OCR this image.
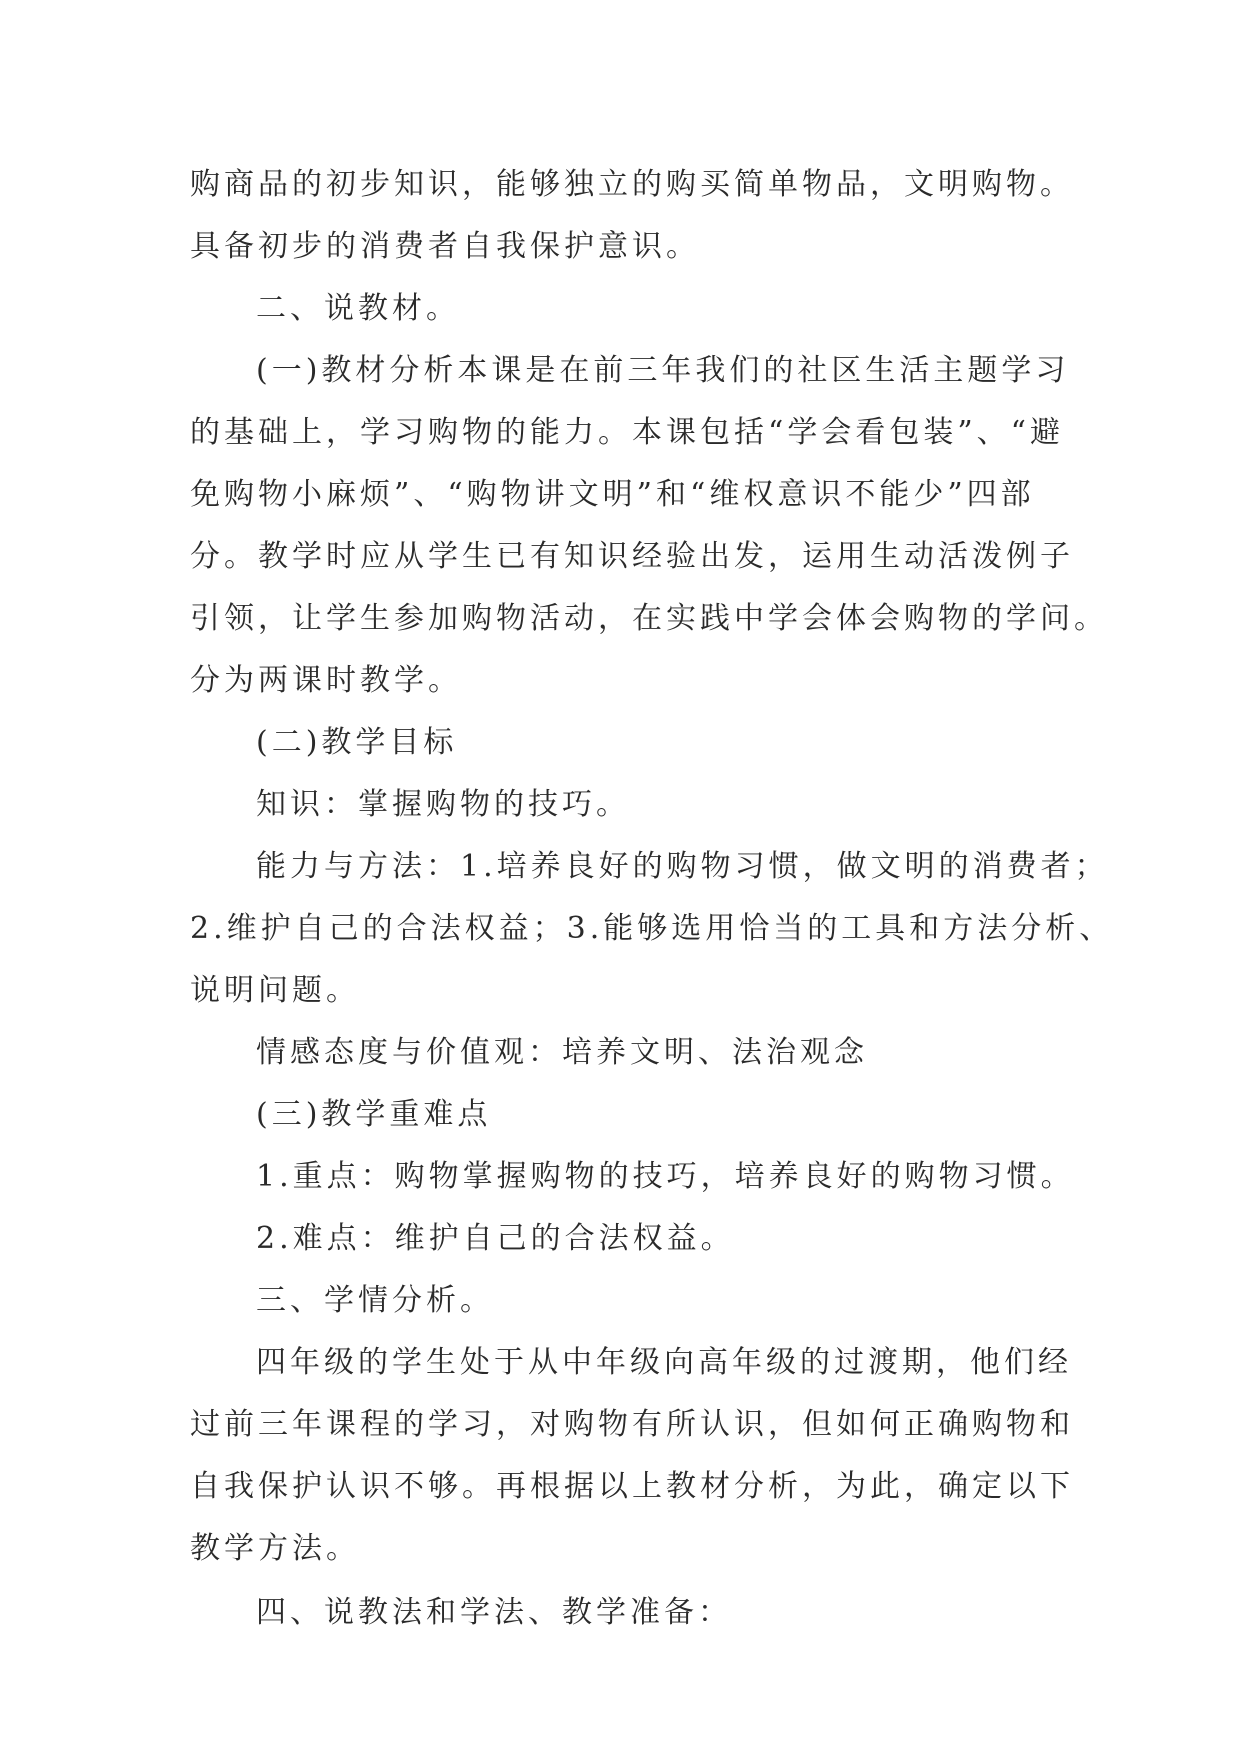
购商品的初步知识，能够独立的购买简单物品，文明购物。

具备初步的消费者自我保护意识。

二、说教材。

(一)教材分析本课是在前三年我们的社区生活主题学习

的基础上，学习购物的能力。本课包括“学会看包装”、“避

免购物小麻烦”、“购物讲文明”和“维权意识不能少”四部

分。教学时应从学生已有知识经验出发，运用生动活泼例子

引领，让学生参加购物活动，在实践中学会体会购物的学问。

分为两课时教学。

(二)教学目标

知识：掌握购物的技巧。

能力与方法：1.培养良好的购物习惯，做文明的消费者；

2.维护自己的合法权益；3.能够选用恰当的工具和方法分析、

说明问题。

情感态度与价值观：培养文明、法治观念

(三)教学重难点

1.重点：购物掌握购物的技巧，培养良好的购物习惯。

2.难点：维护自己的合法权益。

三、学情分析。

四年级的学生处于从中年级向高年级的过渡期，他们经

过前三年课程的学习，对购物有所认识，但如何正确购物和

自我保护认识不够。再根据以上教材分析，为此，确定以下

教学方法。

四、说教法和学法、教学准备：
